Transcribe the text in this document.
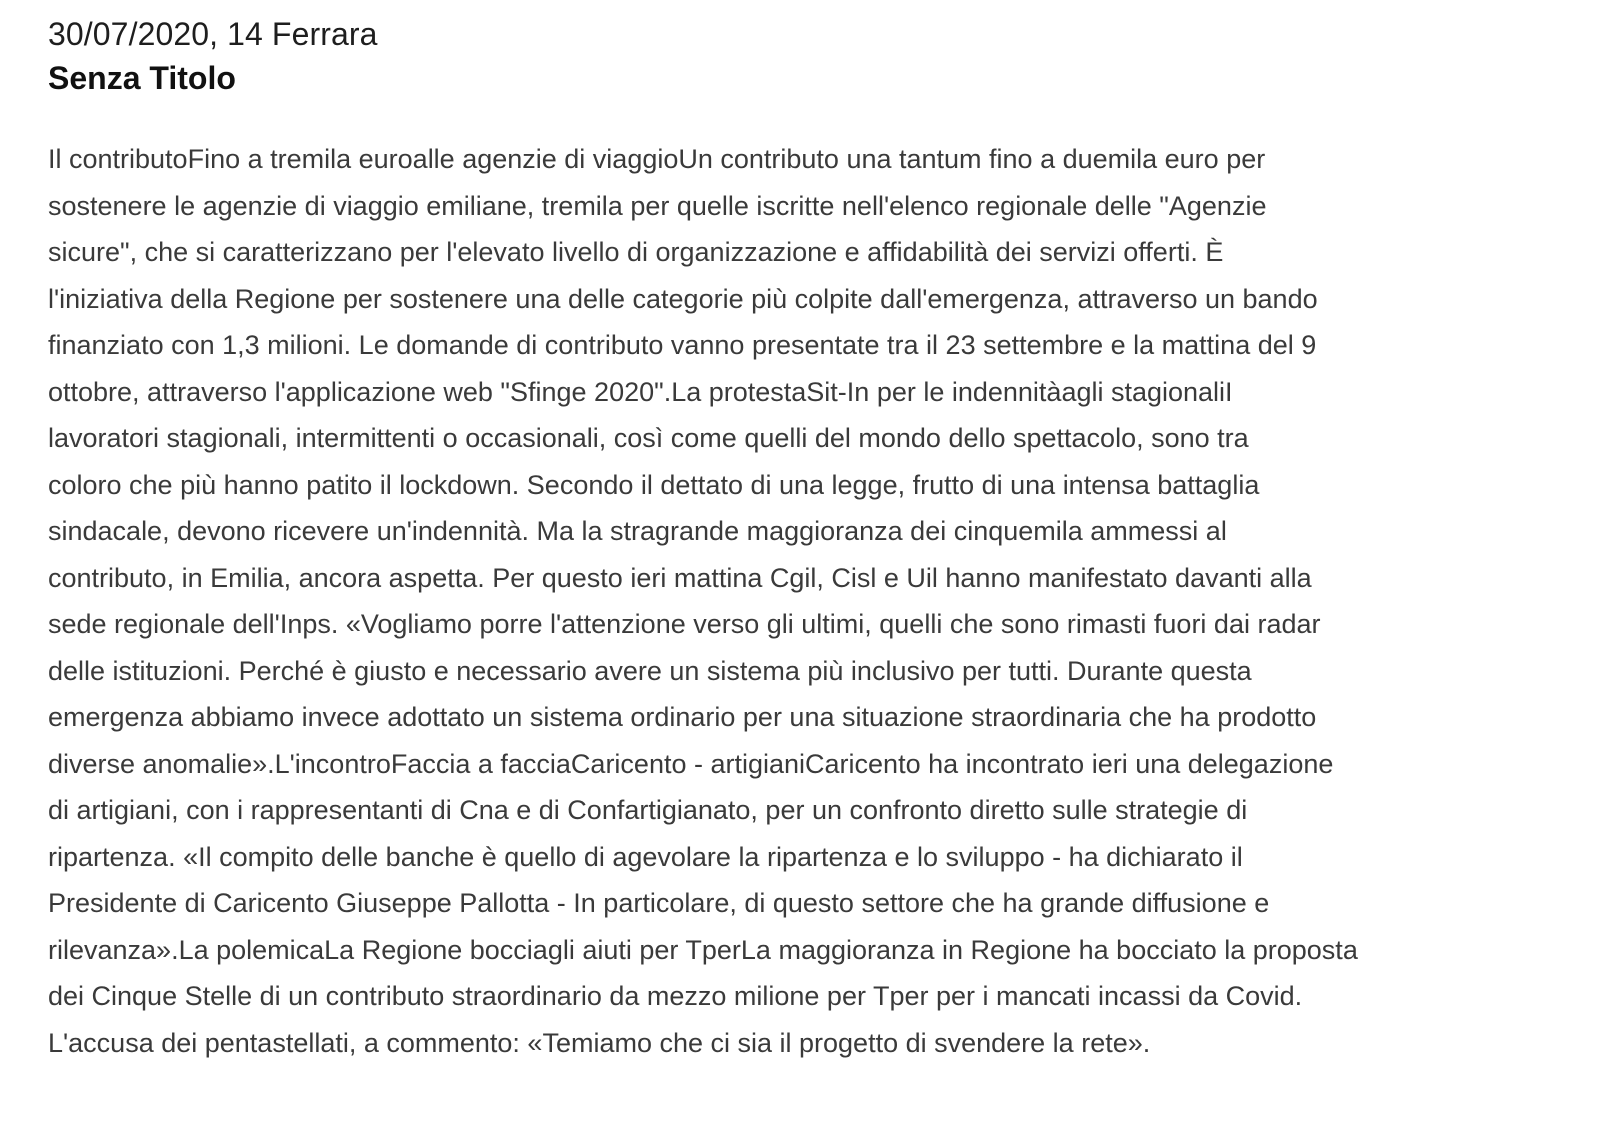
30/07/2020, 14 Ferrara
Senza Titolo
Il contributoFino a tremila euroalle agenzie di viaggioUn contributo una tantum fino a duemila euro per
sostenere le agenzie di viaggio emiliane, tremila per quelle iscritte nell'elenco regionale delle "Agenzie
sicure", che si caratterizzano per l'elevato livello di organizzazione e affidabilità dei servizi offerti. È
l'iniziativa della Regione per sostenere una delle categorie più colpite dall'emergenza, attraverso un bando
finanziato con 1,3 milioni. Le domande di contributo vanno presentate tra il 23 settembre e la mattina del 9
ottobre, attraverso l'applicazione web "Sfinge 2020".La protestaSit-In per le indennitàagli stagionaliI
lavoratori stagionali, intermittenti o occasionali, così come quelli del mondo dello spettacolo, sono tra
coloro che più hanno patito il lockdown. Secondo il dettato di una legge, frutto di una intensa battaglia
sindacale, devono ricevere un'indennità. Ma la stragrande maggioranza dei cinquemila ammessi al
contributo, in Emilia, ancora aspetta. Per questo ieri mattina Cgil, Cisl e Uil hanno manifestato davanti alla
sede regionale dell'Inps. «Vogliamo porre l'attenzione verso gli ultimi, quelli che sono rimasti fuori dai radar
delle istituzioni. Perché è giusto e necessario avere un sistema più inclusivo per tutti. Durante questa
emergenza abbiamo invece adottato un sistema ordinario per una situazione straordinaria che ha prodotto
diverse anomalie».L'incontroFaccia a facciaCaricento - artigianiCaricento ha incontrato ieri una delegazione
di artigiani, con i rappresentanti di Cna e di Confartigianato, per un confronto diretto sulle strategie di
ripartenza. «Il compito delle banche è quello di agevolare la ripartenza e lo sviluppo - ha dichiarato il
Presidente di Caricento Giuseppe Pallotta - In particolare, di questo settore che ha grande diffusione e
rilevanza».La polemicaLa Regione bocciagli aiuti per TperLa maggioranza in Regione ha bocciato la proposta
dei Cinque Stelle di un contributo straordinario da mezzo milione per Tper per i mancati incassi da Covid.
L'accusa dei pentastellati, a commento: «Temiamo che ci sia il progetto di svendere la rete».
